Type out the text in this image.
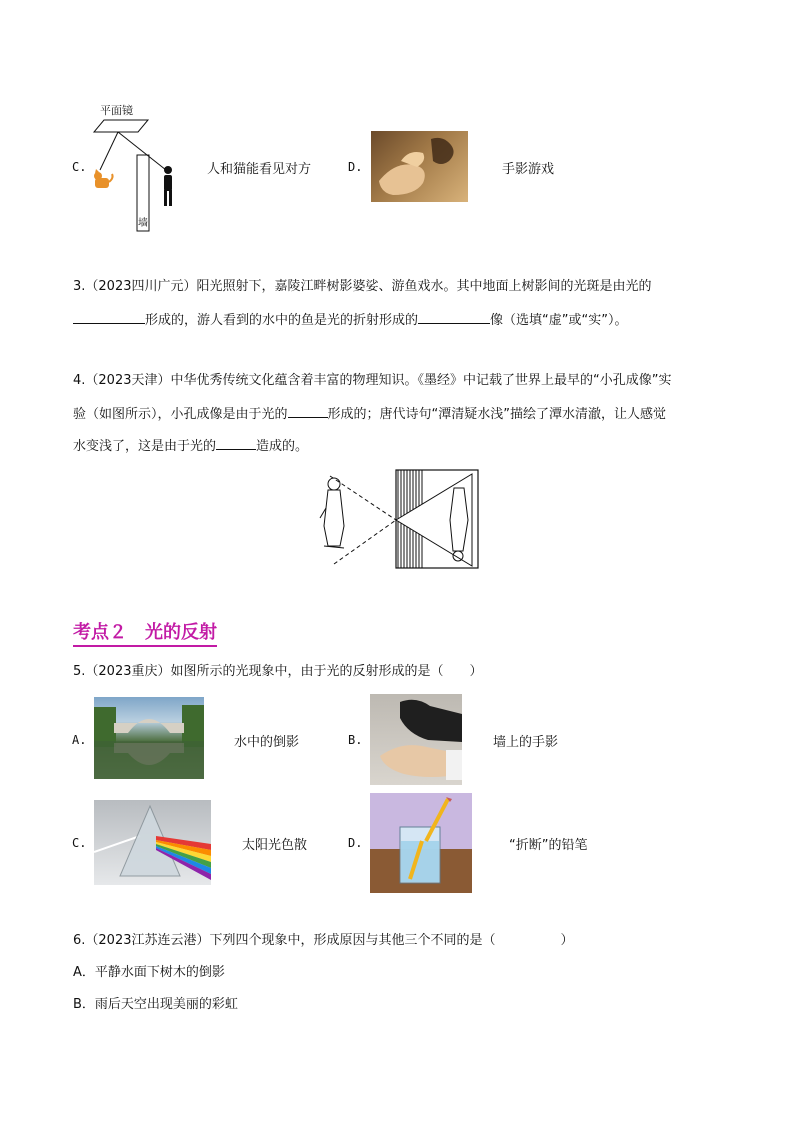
C.
平面镜
墙
人和猫能看见对方	D.	手影游戏
3.（2023四川广元）阳光照射下，嘉陵江畔树影婆娑、游鱼戏水。其中地面上树影间的光斑是由光的
形成的，游人看到的水中的鱼是光的折射形成的	像（选填“虚”或“实”）。
4.（2023天津）中华优秀传统文化蕴含着丰富的物理知识。《墨经》中记载了世界上最早的“小孔成像”实
验（如图所示），小孔成像是由于光的	形成的；唐代诗句“潭清疑水浅”描绘了潭水清澈，让人感觉
水变浅了，这是由于光的	造成的。
考点２　光的反射
5.（2023重庆）如图所示的光现象中，由于光的反射形成的是（　　）
A.	水中的倒影	B.	墙上的手影
C.	太阳光色散	D.	“折断”的铅笔
6.（2023江苏连云港）下列四个现象中，形成原因与其他三个不同的是（　　　　　）
A．平静水面下树木的倒影
B．雨后天空出现美丽的彩虹
